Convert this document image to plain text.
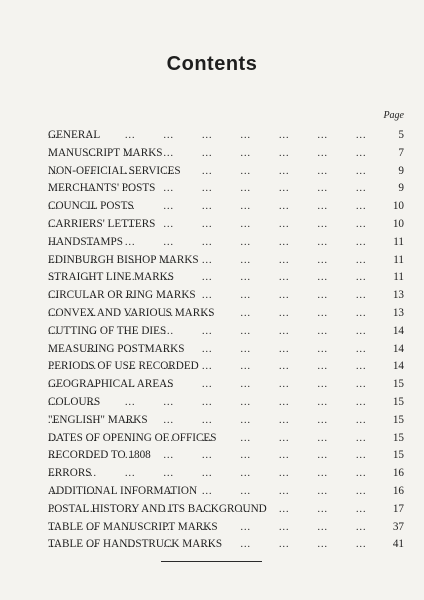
Contents
Page
...
GENERAL	5
...
MANUSCRIPT MARKS	7
...
NON-OFFICIAL SERVICES	9
...
MERCHANTS' POSTS	9
...
COUNCIL POSTS	10
...
CARRIERS' LETTERS	10
...
HANDSTAMPS	11
...
EDINBURGH BISHOP MARKS	11
...
STRAIGHT LINE MARKS	11
...
CIRCULAR OR RING MARKS	13
...
CONVEX AND VARIOUS MARKS	13
...
CUTTING OF THE DIES	14
...
MEASURING POSTMARKS	14
...
PERIODS OF USE RECORDED	14
...
GEOGRAPHICAL AREAS	15
...
COLOURS	15
...
"ENGLISH" MARKS	15
...
DATES OF OPENING OF OFFICES	15
...
RECORDED TO 1808	15
...
ERRORS	16
...
ADDITIONAL INFORMATION	16
...
POSTAL HISTORY AND ITS BACKGROUND	17
...
TABLE OF MANUSCRIPT MARKS	37
...
TABLE OF HANDSTRUCK MARKS	41
